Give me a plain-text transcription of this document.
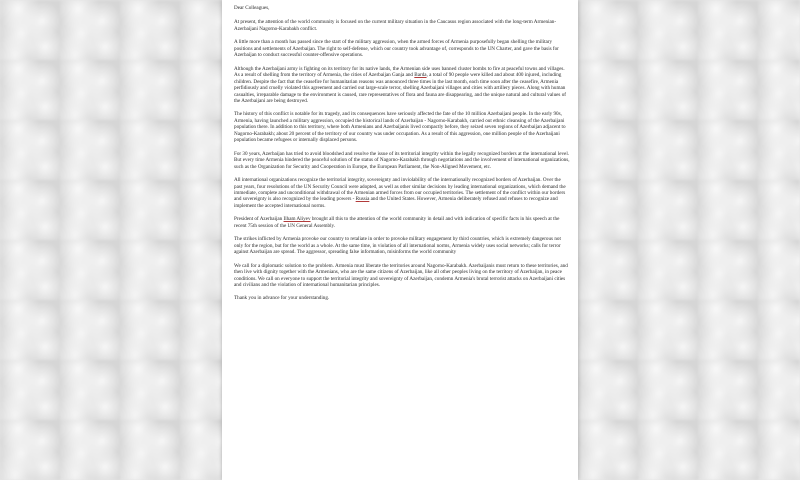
Dear Colleagues,

At present, the attention of the world community is focused on the current military situation in the Caucasus region associated with the long-term Armenian-Azerbaijani Nagorno-Karabakh conflict.

A little more than a month has passed since the start of the military aggression, when the armed forces of Armenia purposefully began shelling the military positions and settlements of Azerbaijan. The right to self-defense, which our country took advantage of, corresponds to the UN Charter, and gave the basis for Azerbaijan to conduct successful counter-offensive operations.

Although the Azerbaijani army is fighting on its territory for its native lands, the Armenian side uses banned cluster bombs to fire at peaceful towns and villages. As a result of shelling from the territory of Armenia, the cities of Azerbaijan Ganja and Barda, a total of 90 people were killed and about 400 injured, including children. Despite the fact that the ceasefire for humanitarian reasons was announced three times in the last month, each time soon after the ceasefire, Armenia perfidiously and cruelly violated this agreement and carried out large-scale terror, shelling Azerbaijani villages and cities with artillery pieces. Along with human casualties, irreparable damage to the environment is caused, rare representatives of flora and fauna are disappearing, and the unique natural and cultural values of the Azerbaijani are being destroyed.

The history of this conflict is notable for its tragedy, and its consequences have seriously affected the fate of the 10 million Azerbaijani people. In the early 90s, Armenia, having launched a military aggression, occupied the historical lands of Azerbaijan - Nagorno-Karabakh, carried out ethnic cleansing of the Azerbaijani population there. In addition to this territory, where both Armenians and Azerbaijanis lived compactly before, they seized seven regions of Azerbaijan adjacent to Nagorno-Karabakh; about 20 percent of the territory of our country was under occupation. As a result of this aggression, one million people of the Azerbaijani population became refugees or internally displaced persons.

For 30 years, Azerbaijan has tried to avoid bloodshed and resolve the issue of its territorial integrity within the legally recognized borders at the international level. But every time Armenia hindered the peaceful solution of the status of Nagorno-Karabakh through negotiations and the involvement of international organizations, such as the Organization for Security and Cooperation in Europe, the European Parliament, the Non-Aligned Movement, etc.

All international organizations recognize the territorial integrity, sovereignty and inviolability of the internationally recognized borders of Azerbaijan. Over the past years, four resolutions of the UN Security Council were adopted, as well as other similar decisions by leading international organizations, which demand the immediate, complete and unconditional withdrawal of the Armenian armed forces from our occupied territories. The settlement of the conflict within our borders and sovereignty is also recognized by the leading powers - Russia and the United States. However, Armenia deliberately refused and refuses to recognize and implement the accepted international norms.

President of Azerbaijan Ilham Aliyev brought all this to the attention of the world community in detail and with indication of specific facts in his speech at the recent 75th session of the UN General Assembly.

The strikes inflicted by Armenia provoke our country to retaliate in order to provoke military engagement by third countries, which is extremely dangerous not only for the region, but for the world as a whole. At the same time, in violation of all international norms, Armenia widely uses social networks; calls for terror against Azerbaijan are spread. The aggressor, spreading false information, misinforms the world community

We call for a diplomatic solution to the problem. Armenia must liberate the territories around Nagorno-Karabakh. Azerbaijanis must return to these territories, and then live with dignity together with the Armenians, who are the same citizens of Azerbaijan, like all other peoples living on the territory of Azerbaijan, in peace conditions. We call on everyone to support the territorial integrity and sovereignty of Azerbaijan, condemn Armenia's brutal terrorist attacks on Azerbaijani cities and civilians and the violation of international humanitarian principles.

Thank you in advance for your understanding.
